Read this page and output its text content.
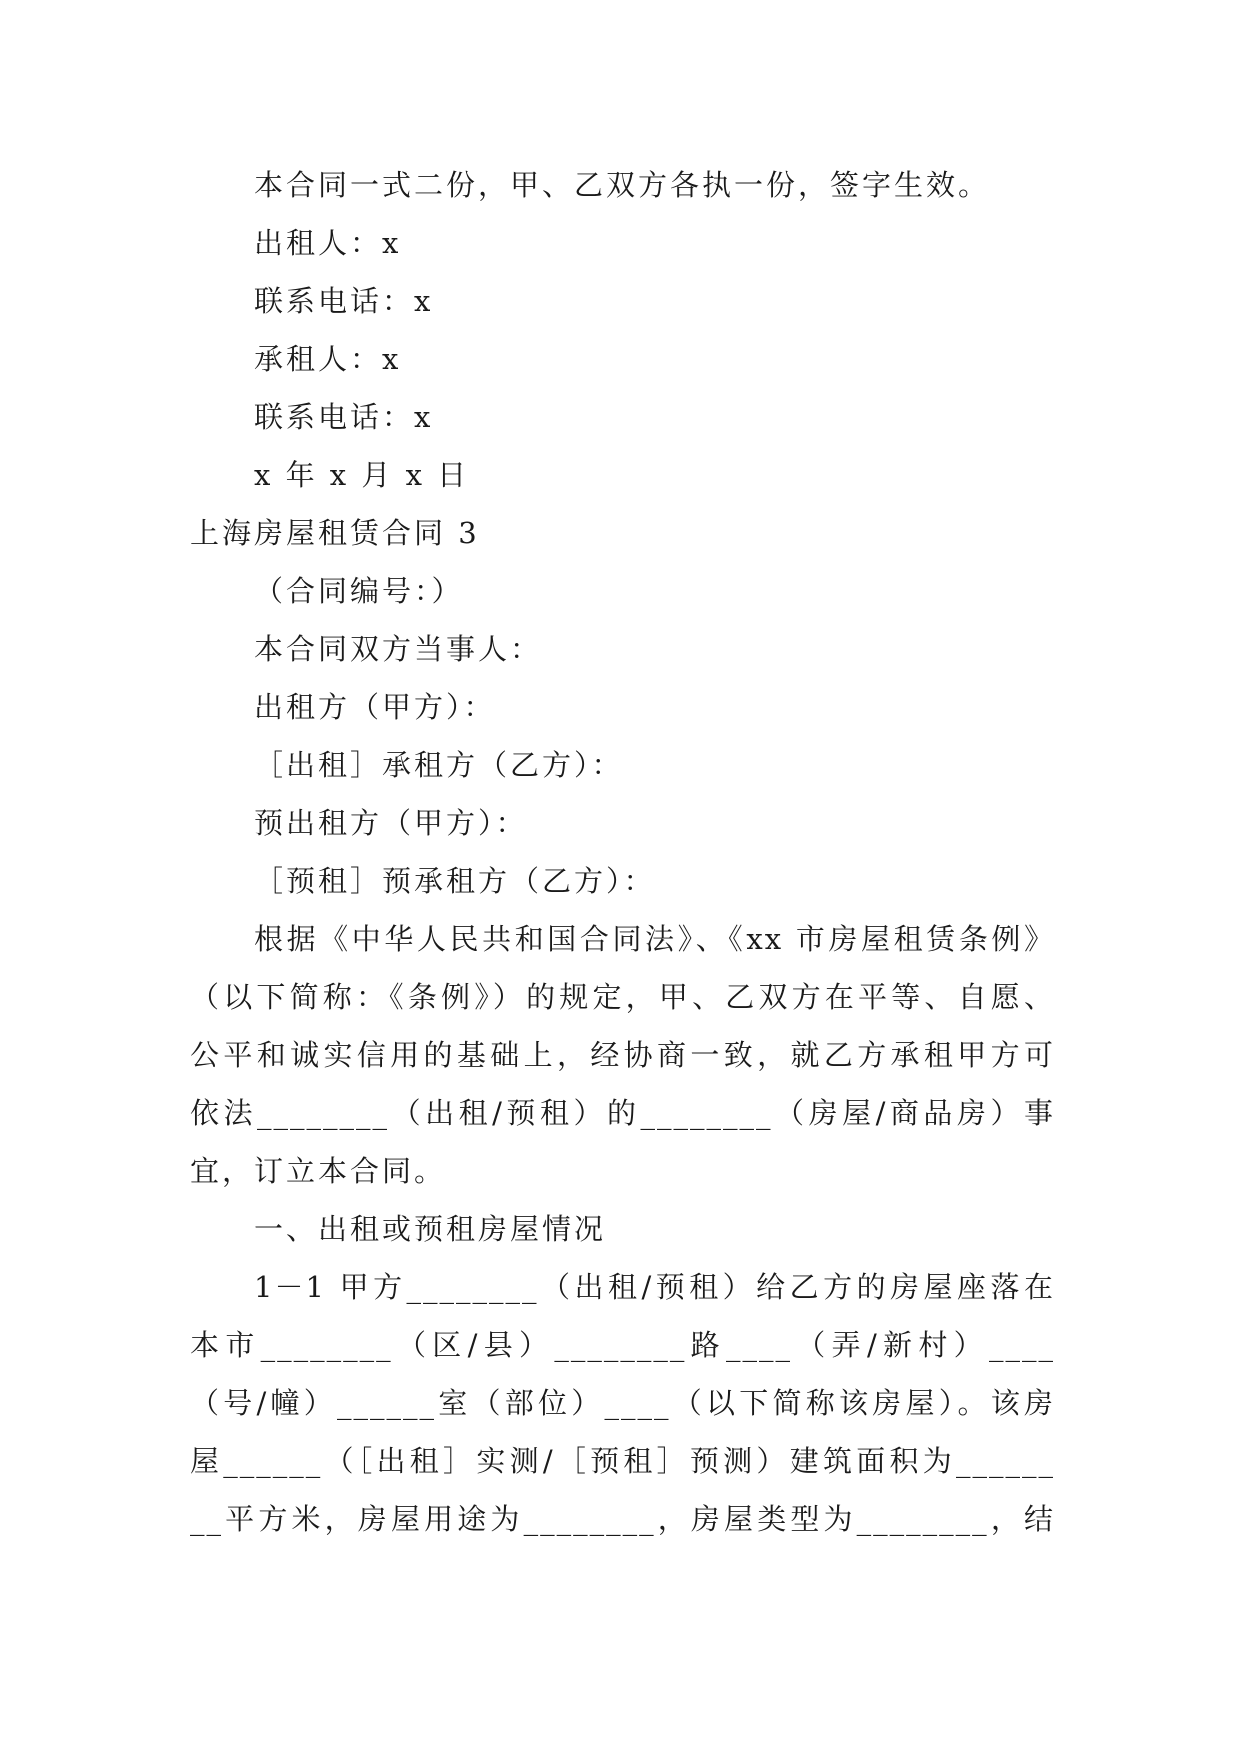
本合同一式二份，甲、乙双方各执一份，签字生效。
出租人：x
联系电话：x
承租人：x
联系电话：x
x 年 x 月 x 日
上海房屋租赁合同 3
（合同编号：）
本合同双方当事人：
出租方（甲方）：
［出租］承租方（乙方）：
预出租方（甲方）：
［预租］预承租方（乙方）：
根据《中华人民共和国合同法》、《xx 市房屋租赁条例》
（以下简称：《条例》）的规定，甲、乙双方在平等、自愿、
公平和诚实信用的基础上，经协商一致，就乙方承租甲方可
依法________（出租/预租）的________（房屋/商品房）事
宜，订立本合同。
一、出租或预租房屋情况
1－1 甲方________（出租/预租）给乙方的房屋座落在
本市________（区/县）________路____（弄/新村）____
（号/幢）______室（部位）____（以下简称该房屋）。该房
屋______（［出租］实测/［预租］预测）建筑面积为______
__平方米，房屋用途为________，房屋类型为________，结
